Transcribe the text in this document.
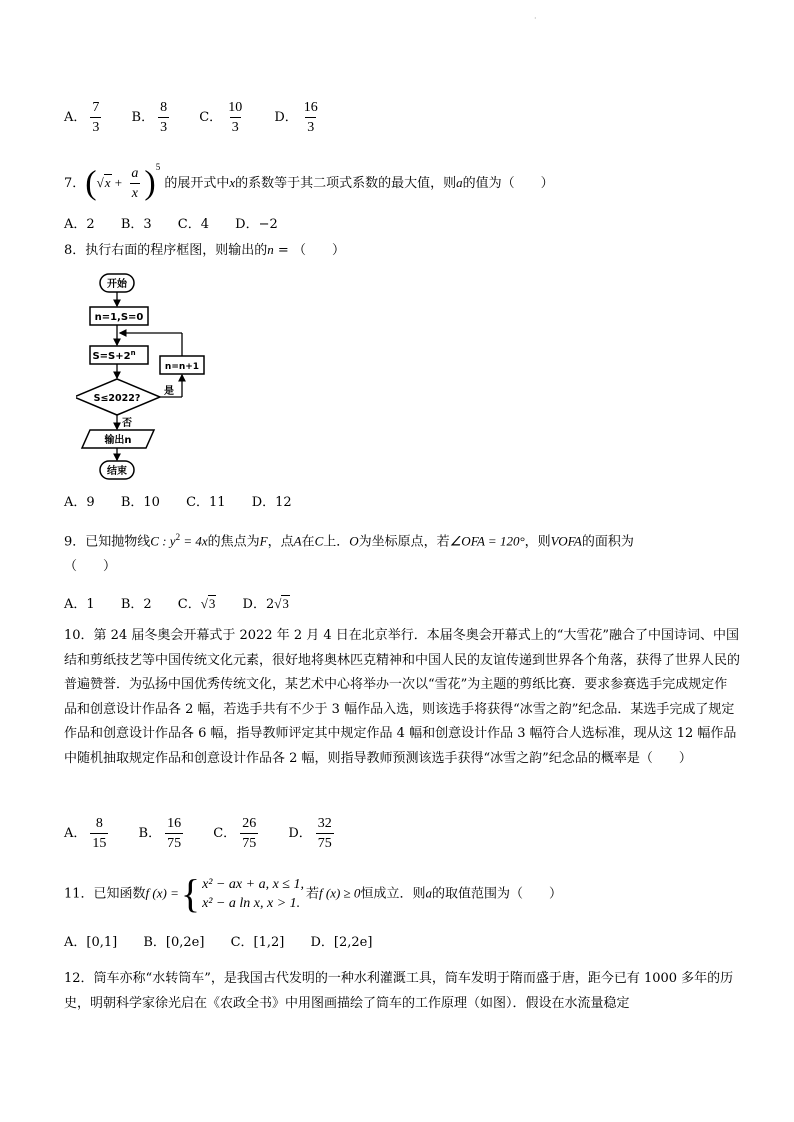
·
A． $\frac{7}{3}$ B． $\frac{8}{3}$ C． $\frac{10}{3}$ D． $\frac{16}{3}$
7．$(√x + \frac{a}{x} )^5$ 的展开式中x的系数等于其二项式系数的最大值，则a的值为（　　）
A．2 B．3 C．4 D．−2
8．执行右面的程序框图，则输出的n = （　　）
开始
n=1,S=0
$S=S+2^n$
n=n+1
S≤2022?
是
否
输出n
结束
A．9 B．10 C．11 D．12
9．已知抛物线C : $y^2 = 4x$的焦点为F，点A在C上．O为坐标原点，若∠OFA = 120°，则VOFA的面积为
（　　）
A．1 B．2 C．√3 D．2√3
10．第 24 届冬奥会开幕式于 2022 年 2 月 4 日在北京举行．本届冬奥会开幕式上的“大雪花”融合了中国诗词、中国结和剪纸技艺等中国传统文化元素，很好地将奥林匹克精神和中国人民的友谊传递到世界各个角落，获得了世界人民的普遍赞誉．为弘扬中国优秀传统文化，某艺术中心将举办一次以“雪花”为主题的剪纸比赛．要求参赛选手完成规定作品和创意设计作品各 2 幅，若选手共有不少于 3 幅作品入选，则该选手将获得“冰雪之韵”纪念品．某选手完成了规定作品和创意设计作品各 6 幅，指导教师评定其中规定作品 4 幅和创意设计作品 3 幅符合人选标准，现从这 12 幅作品中随机抽取规定作品和创意设计作品各 2 幅，则指导教师预测该选手获得“冰雪之韵”纪念品的概率是（　　）
A． $\frac{8}{15}$ B． $\frac{16}{75}$ C． $\frac{26}{75}$ D． $\frac{32}{75}$
11．已知函数f (x) = { x² − ax + a, x ≤ 1,
x² − a ln x, x > 1.
若f (x) ≥ 0恒成立．则a的取值范围为（　　）
A．[0,1] B．[0,2e] C．[1,2] D．[2,2e]
12．筒车亦称“水转筒车”，是我国古代发明的一种水利灌溉工具，筒车发明于隋而盛于唐，距今已有 1000 多年的历史，明朝科学家徐光启在《农政全书》中用图画描绘了筒车的工作原理（如图）．假设在水流量稳定
